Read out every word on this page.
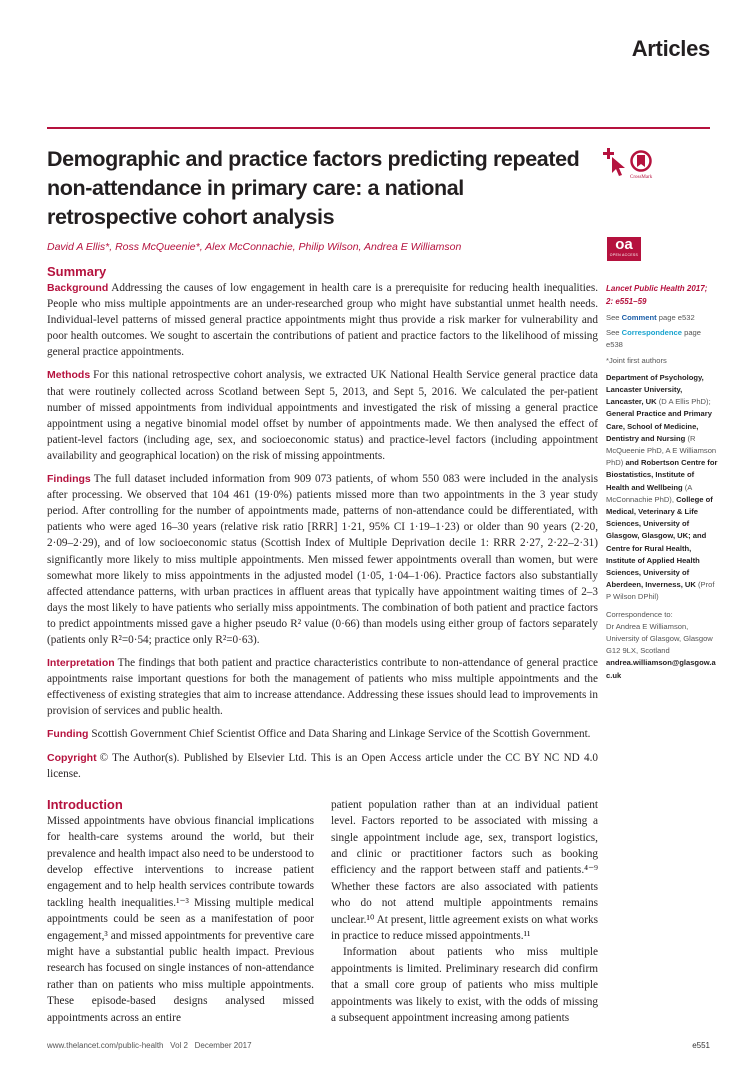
Articles
CrossMark
oa
OPEN ACCESS
Demographic and practice factors predicting repeated non-attendance in primary care: a national retrospective cohort analysis
David A Ellis*, Ross McQueenie*, Alex McConnachie, Philip Wilson, Andrea E Williamson
Summary
Background Addressing the causes of low engagement in health care is a prerequisite for reducing health inequalities. People who miss multiple appointments are an under-researched group who might have substantial unmet health needs. Individual-level patterns of missed general practice appointments might thus provide a risk marker for vulnerability and poor health outcomes. We sought to ascertain the contributions of patient and practice factors to the likelihood of missing general practice appointments.
Methods For this national retrospective cohort analysis, we extracted UK National Health Service general practice data that were routinely collected across Scotland between Sept 5, 2013, and Sept 5, 2016. We calculated the per-patient number of missed appointments from individual appointments and investigated the risk of missing a general practice appointment using a negative binomial model offset by number of appointments made. We then analysed the effect of patient-level factors (including age, sex, and socioeconomic status) and practice-level factors (including appointment availability and geographical location) on the risk of missing appointments.
Findings The full dataset included information from 909 073 patients, of whom 550 083 were included in the analysis after processing. We observed that 104 461 (19·0%) patients missed more than two appointments in the 3 year study period. After controlling for the number of appointments made, patterns of non-attendance could be differentiated, with patients who were aged 16–30 years (relative risk ratio [RRR] 1·21, 95% CI 1·19–1·23) or older than 90 years (2·20, 2·09–2·29), and of low socioeconomic status (Scottish Index of Multiple Deprivation decile 1: RRR 2·27, 2·22–2·31) significantly more likely to miss multiple appointments. Men missed fewer appointments overall than women, but were somewhat more likely to miss appointments in the adjusted model (1·05, 1·04–1·06). Practice factors also substantially affected attendance patterns, with urban practices in affluent areas that typically have appointment waiting times of 2–3 days the most likely to have patients who serially miss appointments. The combination of both patient and practice factors to predict appointments missed gave a higher pseudo R² value (0·66) than models using either group of factors separately (patients only R²=0·54; practice only R²=0·63).
Interpretation The findings that both patient and practice characteristics contribute to non-attendance of general practice appointments raise important questions for both the management of patients who miss multiple appointments and the effectiveness of existing strategies that aim to increase attendance. Addressing these issues should lead to improvements in provision of services and public health.
Funding Scottish Government Chief Scientist Office and Data Sharing and Linkage Service of the Scottish Government.
Copyright © The Author(s). Published by Elsevier Ltd. This is an Open Access article under the CC BY NC ND 4.0 license.
Introduction

Missed appointments have obvious financial implications for health-care systems around the world, but their prevalence and health impact also need to be understood to develop effective interventions to increase patient engagement and to help health services contribute towards tackling health inequalities.¹⁻³ Missing multiple medical appointments could be seen as a manifestation of poor engagement,³ and missed appointments for preventive care might have a substantial public health impact. Previous research has focused on single instances of non-attendance rather than on patients who miss multiple appointments. These episode-based designs analysed missed appointments across an entire

patient population rather than at an individual patient level. Factors reported to be associated with missing a single appointment include age, sex, transport logistics, and clinic or practitioner factors such as booking efficiency and the rapport between staff and patients.⁴⁻⁹ Whether these factors are also associated with patients who do not attend multiple appointments remains unclear.¹⁰ At present, little agreement exists on what works in practice to reduce missed appointments.¹¹

Information about patients who miss multiple appointments is limited. Preliminary research did confirm that a small core group of patients who miss multiple appointments was likely to exist, with the odds of missing a subsequent appointment increasing among patients

www.thelancet.com/public-health   Vol 2   December 2017	e551
Lancet Public Health 2017;
2: e551–59
See Comment page e532
See Correspondence page e538
*Joint first authors
Department of Psychology, Lancaster University, Lancaster, UK (D A Ellis PhD); General Practice and Primary Care, School of Medicine, Dentistry and Nursing (R McQueenie PhD, A E Williamson PhD) and Robertson Centre for Biostatistics, Institute of Health and Wellbeing (A McConnachie PhD), College of Medical, Veterinary & Life Sciences, University of Glasgow, Glasgow, UK; and Centre for Rural Health, Institute of Applied Health Sciences, University of Aberdeen, Inverness, UK (Prof P Wilson DPhil)
Correspondence to:
Dr Andrea E Williamson,
University of Glasgow, Glasgow
G12 9LX, Scotland
andrea.williamson@glasgow.ac.uk
